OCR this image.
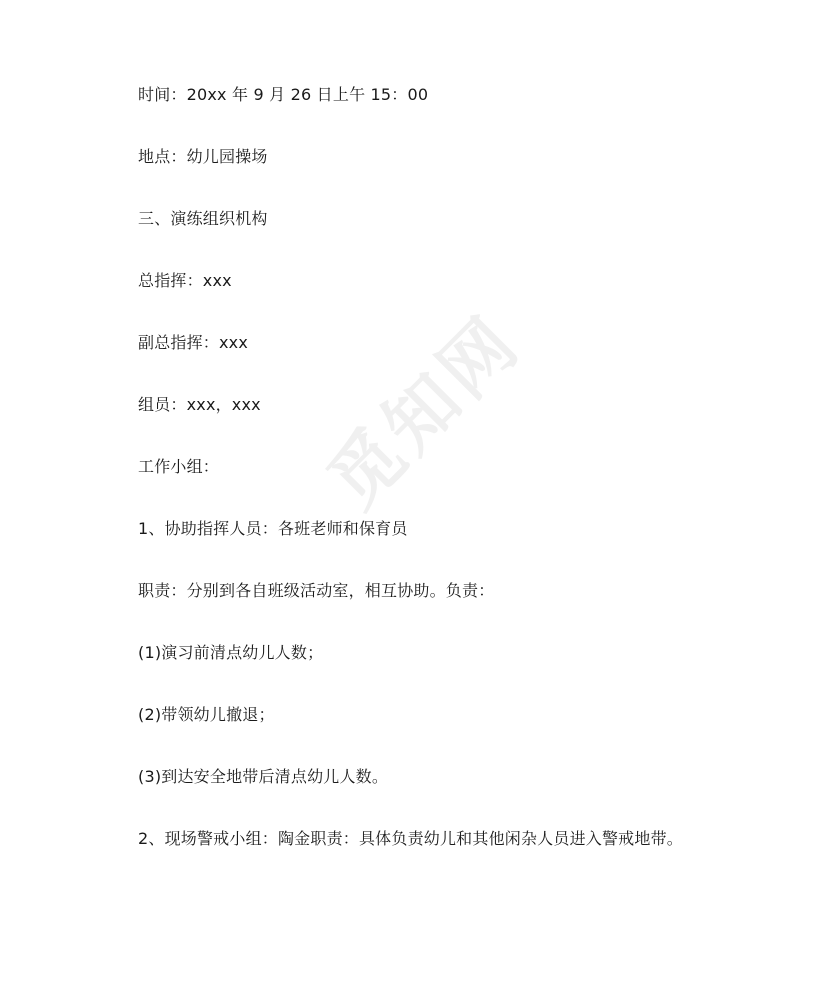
时间：20xx 年 9 月 26 日上午 15：00
地点：幼儿园操场
三、演练组织机构
总指挥：xxx
副总指挥：xxx
组员：xxx，xxx
工作小组：
1、协助指挥人员：各班老师和保育员
职责：分别到各自班级活动室，相互协助。负责：
(1)演习前清点幼儿人数；
(2)带领幼儿撤退；
(3)到达安全地带后清点幼儿人数。
2、现场警戒小组：陶金职责：具体负责幼儿和其他闲杂人员进入警戒地带。
觅知网
